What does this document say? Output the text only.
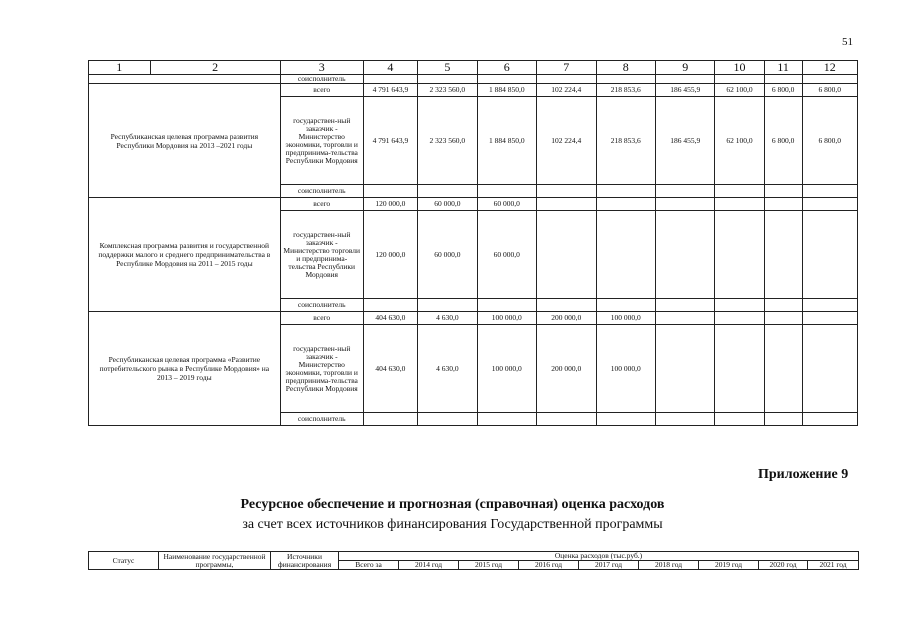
51
1	2	3	4	5	6	7	8	9	10	11	12
		соисполнитель									
Республиканская целевая программа развития Республики Мордовия на 2013 –2021 годы		всего	4 791 643,9	2 323 560,0	1 884 850,0	102 224,4	218 853,6	186 455,9	62 100,0	6 800,0	6 800,0
		государствен-ный заказчик - Министерство экономики, торговли и предпринима-тельства Республики Мордовия	4 791 643,9	2 323 560,0	1 884 850,0	102 224,4	218 853,6	186 455,9	62 100,0	6 800,0	6 800,0
		соисполнитель									
Комплексная программа развития и государственной поддержки малого и среднего предпринимательства в Республике Мордовия на 2011 – 2015 годы		всего	120 000,0	60 000,0	60 000,0						
		государствен-ный заказчик - Министерство торговли и предпринима-тельства Республики Мордовия	120 000,0	60 000,0	60 000,0						
		соисполнитель									
Республиканская целевая программа «Развитие потребительского рынка в Республике Мордовия» на 2013 – 2019 годы		всего	404 630,0	4 630,0	100 000,0	200 000,0	100 000,0				
		государствен-ный заказчик - Министерство экономики, торговли и предпринима-тельства Республики Мордовия	404 630,0	4 630,0	100 000,0	200 000,0	100 000,0				
		соисполнитель									
Приложение 9
Ресурсное обеспечение и прогнозная (справочная) оценка расходов
за счет всех источников финансирования Государственной программы
Статус	Наименование государственной программы,	Источники финансирования	Оценка расходов (тыс.руб.)								
			Всего за	2014 год	2015 год	2016 год	2017 год	2018 год	2019 год	2020 год	2021 год
